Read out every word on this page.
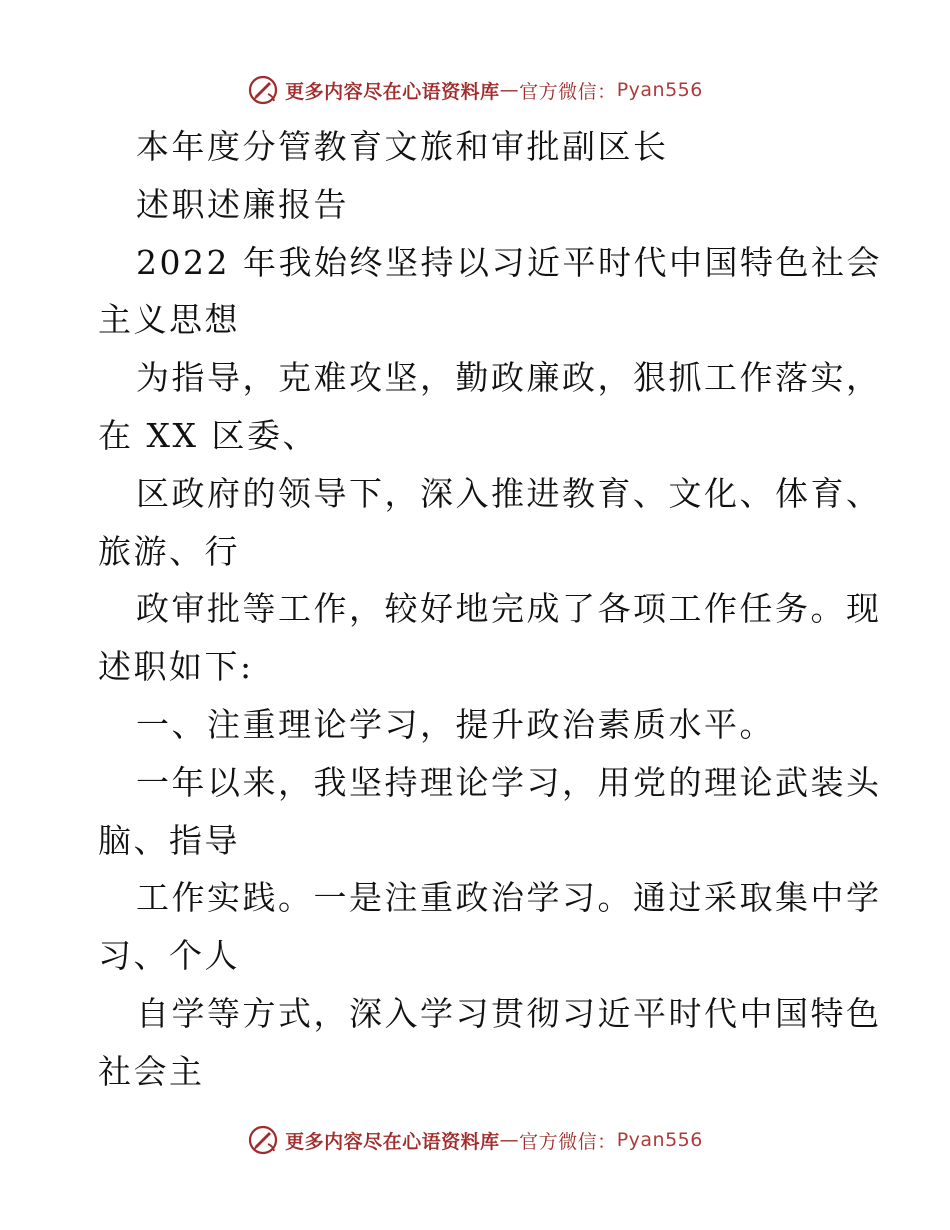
更多内容尽在心语资料库 — 官方微信： Pyan556
本年度分管教育文旅和审批副区长
述职述廉报告
2022 年我始终坚持以习近平时代中国特色社会
主义思想
为指导，克难攻坚，勤政廉政，狠抓工作落实，
在 XX 区委、
区政府的领导下，深入推进教育、文化、体育、
旅游、行
政审批等工作，较好地完成了各项工作任务。现
述职如下:
一、注重理论学习，提升政治素质水平。
一年以来，我坚持理论学习，用党的理论武装头
脑、指导
工作实践。一是注重政治学习。通过采取集中学
习、个人
自学等方式，深入学习贯彻习近平时代中国特色
社会主
更多内容尽在心语资料库 — 官方微信： Pyan556
